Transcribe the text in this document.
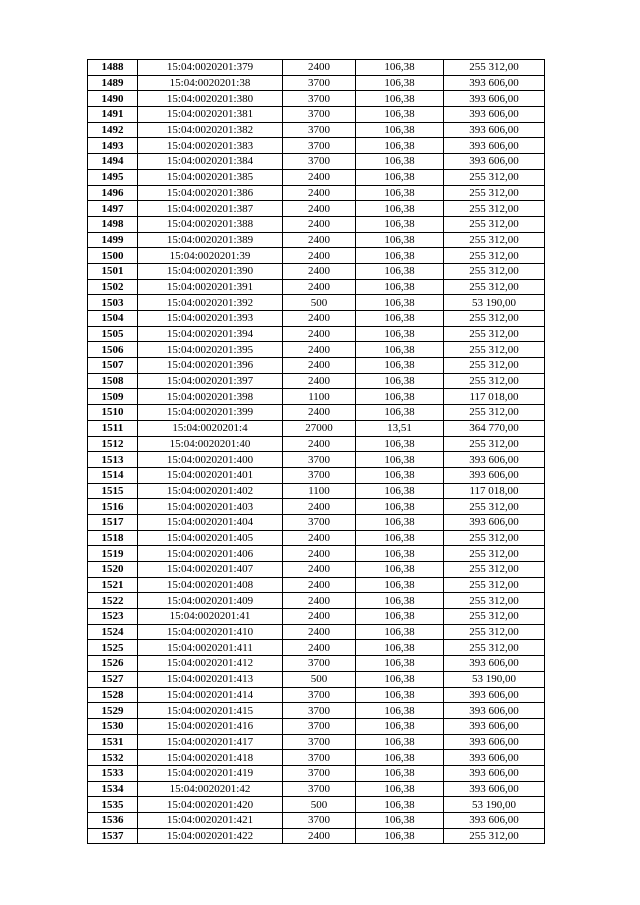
1488	15:04:0020201:379	2400	106,38	255 312,00
1489	15:04:0020201:38	3700	106,38	393 606,00
1490	15:04:0020201:380	3700	106,38	393 606,00
1491	15:04:0020201:381	3700	106,38	393 606,00
1492	15:04:0020201:382	3700	106,38	393 606,00
1493	15:04:0020201:383	3700	106,38	393 606,00
1494	15:04:0020201:384	3700	106,38	393 606,00
1495	15:04:0020201:385	2400	106,38	255 312,00
1496	15:04:0020201:386	2400	106,38	255 312,00
1497	15:04:0020201:387	2400	106,38	255 312,00
1498	15:04:0020201:388	2400	106,38	255 312,00
1499	15:04:0020201:389	2400	106,38	255 312,00
1500	15:04:0020201:39	2400	106,38	255 312,00
1501	15:04:0020201:390	2400	106,38	255 312,00
1502	15:04:0020201:391	2400	106,38	255 312,00
1503	15:04:0020201:392	500	106,38	53 190,00
1504	15:04:0020201:393	2400	106,38	255 312,00
1505	15:04:0020201:394	2400	106,38	255 312,00
1506	15:04:0020201:395	2400	106,38	255 312,00
1507	15:04:0020201:396	2400	106,38	255 312,00
1508	15:04:0020201:397	2400	106,38	255 312,00
1509	15:04:0020201:398	1100	106,38	117 018,00
1510	15:04:0020201:399	2400	106,38	255 312,00
1511	15:04:0020201:4	27000	13,51	364 770,00
1512	15:04:0020201:40	2400	106,38	255 312,00
1513	15:04:0020201:400	3700	106,38	393 606,00
1514	15:04:0020201:401	3700	106,38	393 606,00
1515	15:04:0020201:402	1100	106,38	117 018,00
1516	15:04:0020201:403	2400	106,38	255 312,00
1517	15:04:0020201:404	3700	106,38	393 606,00
1518	15:04:0020201:405	2400	106,38	255 312,00
1519	15:04:0020201:406	2400	106,38	255 312,00
1520	15:04:0020201:407	2400	106,38	255 312,00
1521	15:04:0020201:408	2400	106,38	255 312,00
1522	15:04:0020201:409	2400	106,38	255 312,00
1523	15:04:0020201:41	2400	106,38	255 312,00
1524	15:04:0020201:410	2400	106,38	255 312,00
1525	15:04:0020201:411	2400	106,38	255 312,00
1526	15:04:0020201:412	3700	106,38	393 606,00
1527	15:04:0020201:413	500	106,38	53 190,00
1528	15:04:0020201:414	3700	106,38	393 606,00
1529	15:04:0020201:415	3700	106,38	393 606,00
1530	15:04:0020201:416	3700	106,38	393 606,00
1531	15:04:0020201:417	3700	106,38	393 606,00
1532	15:04:0020201:418	3700	106,38	393 606,00
1533	15:04:0020201:419	3700	106,38	393 606,00
1534	15:04:0020201:42	3700	106,38	393 606,00
1535	15:04:0020201:420	500	106,38	53 190,00
1536	15:04:0020201:421	3700	106,38	393 606,00
1537	15:04:0020201:422	2400	106,38	255 312,00
